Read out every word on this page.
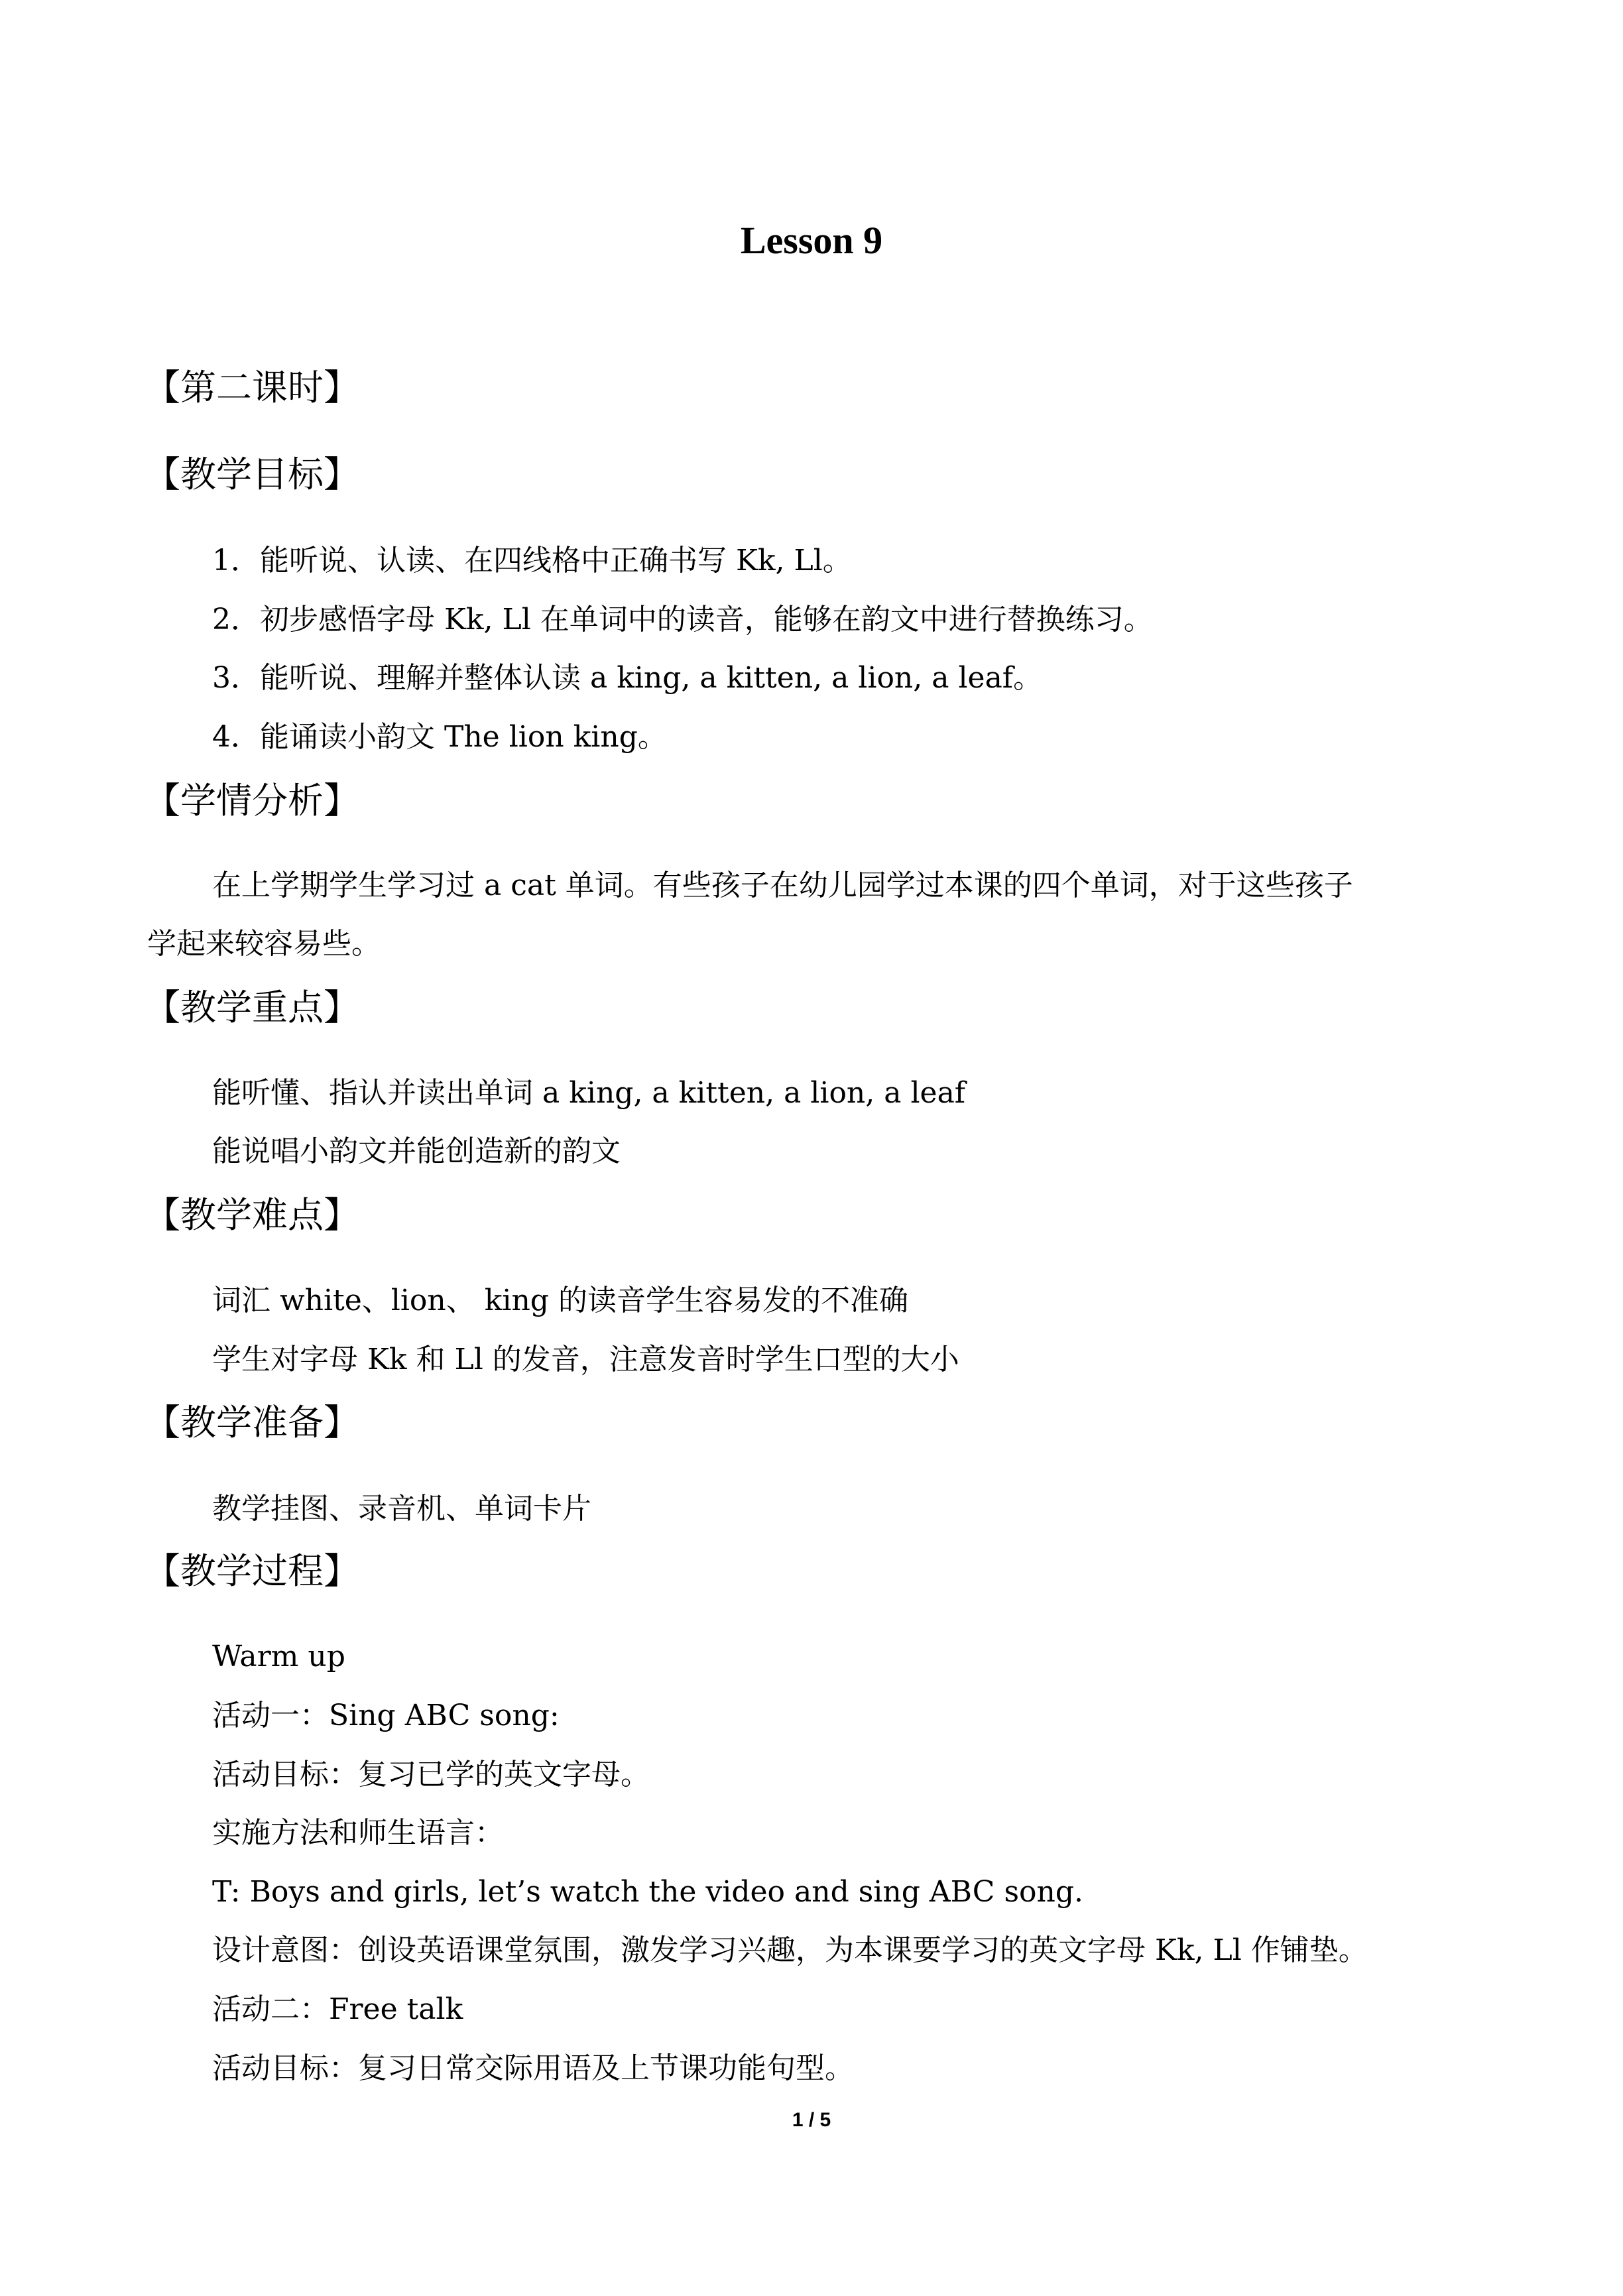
Lesson 9
【第二课时】
【教学目标】
1．能听说、认读、在四线格中正确书写 Kk, Ll。
2．初步感悟字母 Kk, Ll 在单词中的读音，能够在韵文中进行替换练习。
3．能听说、理解并整体认读 a king, a kitten, a lion, a leaf。
4．能诵读小韵文 The lion king。
【学情分析】
在上学期学生学习过 a cat 单词。有些孩子在幼儿园学过本课的四个单词，对于这些孩子
学起来较容易些。
【教学重点】
能听懂、指认并读出单词 a king, a kitten, a lion, a leaf
能说唱小韵文并能创造新的韵文
【教学难点】
词汇 white、lion、 king 的读音学生容易发的不准确
学生对字母 Kk 和 Ll 的发音，注意发音时学生口型的大小
【教学准备】
教学挂图、录音机、单词卡片
【教学过程】
Warm up
活动一：Sing ABC song:
活动目标：复习已学的英文字母。
实施方法和师生语言：
T: Boys and girls, let’s watch the video and sing ABC song.
设计意图：创设英语课堂氛围，激发学习兴趣，为本课要学习的英文字母 Kk, Ll 作铺垫。
活动二：Free talk
活动目标：复习日常交际用语及上节课功能句型。
1 / 5
